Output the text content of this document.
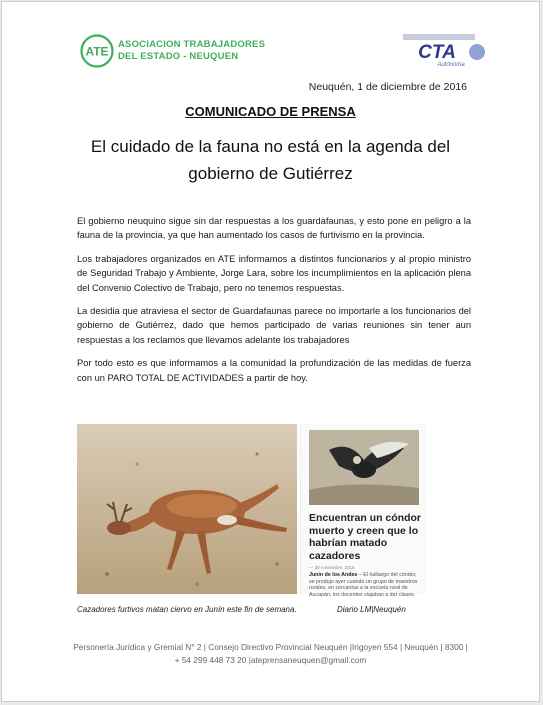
ATE ASOCIACION TRABAJADORES
DEL ESTADO - NEUQUEN	CTA
Autónoma
Neuquén, 1 de diciembre de 2016
COMUNICADO DE PRENSA
El cuidado de la fauna no está en la agenda del
gobierno de Gutiérrez

El gobierno neuquino sigue sin dar respuestas a los guardafaunas, y esto pone en peligro a la fauna de la provincia, ya que han aumentado los casos de furtivismo en la provincia.

Los trabajadores organizados en ATE informamos a distintos funcionarios y al propio ministro de Seguridad Trabajo y Ambiente, Jorge Lara, sobre los incumplimientos en la aplicación plena del Convenio Colectivo de Trabajo, pero no tenemos respuestas.

La desidia que atraviesa el sector de Guardafaunas parece no importarle a los funcionarios del gobierno de Gutiérrez, dado que hemos participado de varias reuniones sin tener aun respuestas a los reclamos que llevamos adelante los trabajadores

Por todo esto es que informamos a la comunidad la profundización de las medidas de fuerza con un PARO TOTAL DE ACTIVIDADES a partir de hoy.

Encuentran un cóndor muerto y creen que lo habrían matado cazadores
— 30 noviembre, 2016
Junín de los Andes – El hallazgo del cóndor, se produjo ayer cuando un grupo de maestros rurales, en cercanías a la escuela rural de Aucapán, los docentes viajaban a dar clases.
Cazadores furtivos matan ciervo en Junín este fin de semana.	Diario LM|Neuquén
Personería Jurídica y Gremial N° 2 | Consejo Directivo Provincial Neuquén |Irigoyen 554 | Neuquén | 8300 |
+ 54 299 448 73 20 |ateprensaneuquen@gmail.com
